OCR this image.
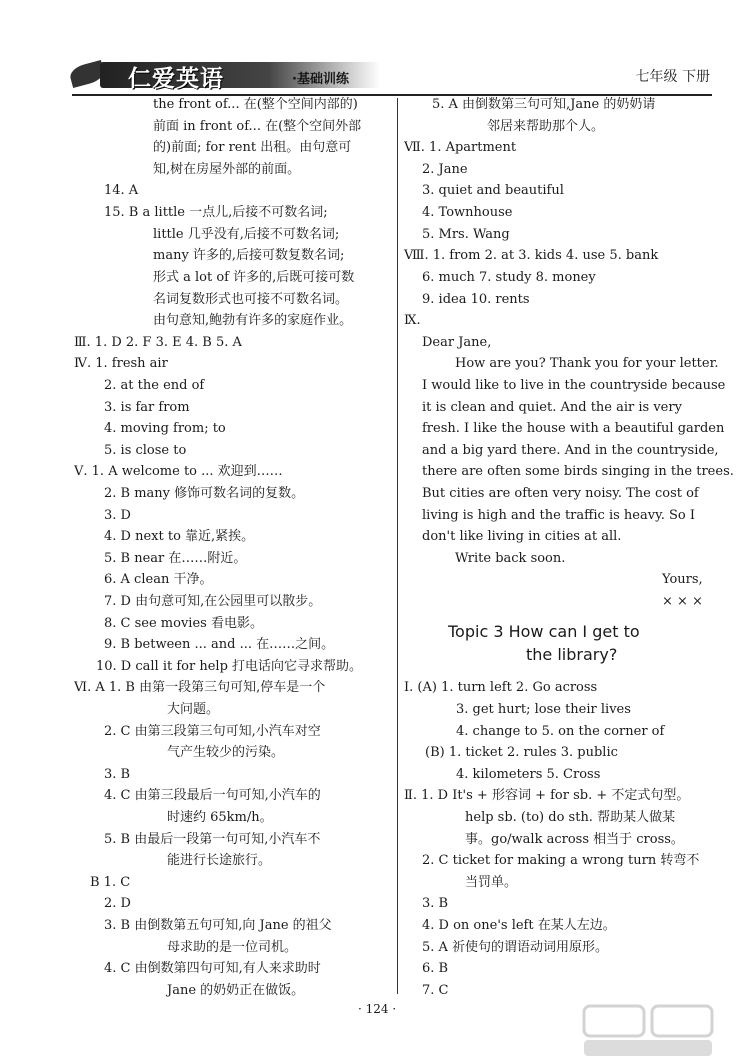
仁爱英语	·基础训练	七年级 下册
the front of... 在(整个空间内部的)
前面 in front of... 在(整个空间外部
的)前面; for rent 出租。由句意可
知,树在房屋外部的前面。
14. A
15. B a little 一点儿,后接不可数名词;
little 几乎没有,后接不可数名词;
many 许多的,后接可数复数名词;
形式 a lot of 许多的,后既可接可数
名词复数形式也可接不可数名词。
由句意知,鲍勃有许多的家庭作业。
Ⅲ. 1. D 2. F 3. E 4. B 5. A
Ⅳ. 1. fresh air
2. at the end of
3. is far from
4. moving from; to
5. is close to
Ⅴ. 1. A welcome to ... 欢迎到……
2. B many 修饰可数名词的复数。
3. D
4. D next to 靠近,紧挨。
5. B near 在……附近。
6. A clean 干净。
7. D 由句意可知,在公园里可以散步。
8. C see movies 看电影。
9. B between ... and ... 在……之间。
10. D call it for help 打电话向它寻求帮助。
Ⅵ. A 1. B 由第一段第三句可知,停车是一个
大问题。
2. C 由第三段第三句可知,小汽车对空
气产生较少的污染。
3. B
4. C 由第三段最后一句可知,小汽车的
时速约 65km/h。
5. B 由最后一段第一句可知,小汽车不
能进行长途旅行。
B 1. C
2. D
3. B 由倒数第五句可知,向 Jane 的祖父
母求助的是一位司机。
4. C 由倒数第四句可知,有人来求助时
Jane 的奶奶正在做饭。
5. A 由倒数第三句可知,Jane 的奶奶请
邻居来帮助那个人。
Ⅶ. 1. Apartment
2. Jane
3. quiet and beautiful
4. Townhouse
5. Mrs. Wang
Ⅷ. 1. from 2. at 3. kids 4. use 5. bank
6. much 7. study 8. money
9. idea 10. rents
Ⅸ.
Dear Jane,
How are you? Thank you for your letter.
I would like to live in the countryside because
it is clean and quiet. And the air is very
fresh. I like the house with a beautiful garden
and a big yard there. And in the countryside,
there are often some birds singing in the trees.
But cities are often very noisy. The cost of
living is high and the traffic is heavy. So I
don't like living in cities at all.
Write back soon.
Yours,
× × ×
Topic 3 How can I get to
the library?
Ⅰ. (A) 1. turn left 2. Go across
3. get hurt; lose their lives
4. change to 5. on the corner of
(B) 1. ticket 2. rules 3. public
4. kilometers 5. Cross
Ⅱ. 1. D It's + 形容词 + for sb. + 不定式句型。
help sb. (to) do sth. 帮助某人做某
事。go/walk across 相当于 cross。
2. C ticket for making a wrong turn 转弯不
当罚单。
3. B
4. D on one's left 在某人左边。
5. A 祈使句的谓语动词用原形。
6. B
7. C
· 124 ·
